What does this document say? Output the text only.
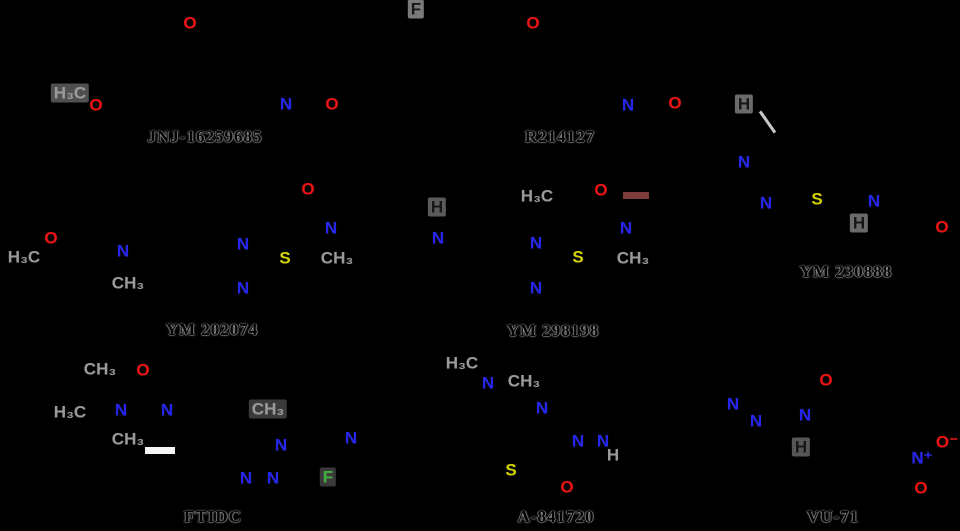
O
H₃C
O	N
JNJ-16259685
F
O
O	N
R214127
O	H
N
N S
H
N
O
YM 230888
H₃C
O
N
CH₃
N
N
S
O
N
CH₃
YM 202074
H
N
H₃C O
N
N
S
N
CH₃
YM 298198
CH₃ O
H₃C N
CH₃
N	CH₃
N
N N
N
F
FTIDC
H₃C
N CH₃
N
N N
H
S
O
A-841720
N
N N
H
O
N⁺
O⁻
O
VU-71
